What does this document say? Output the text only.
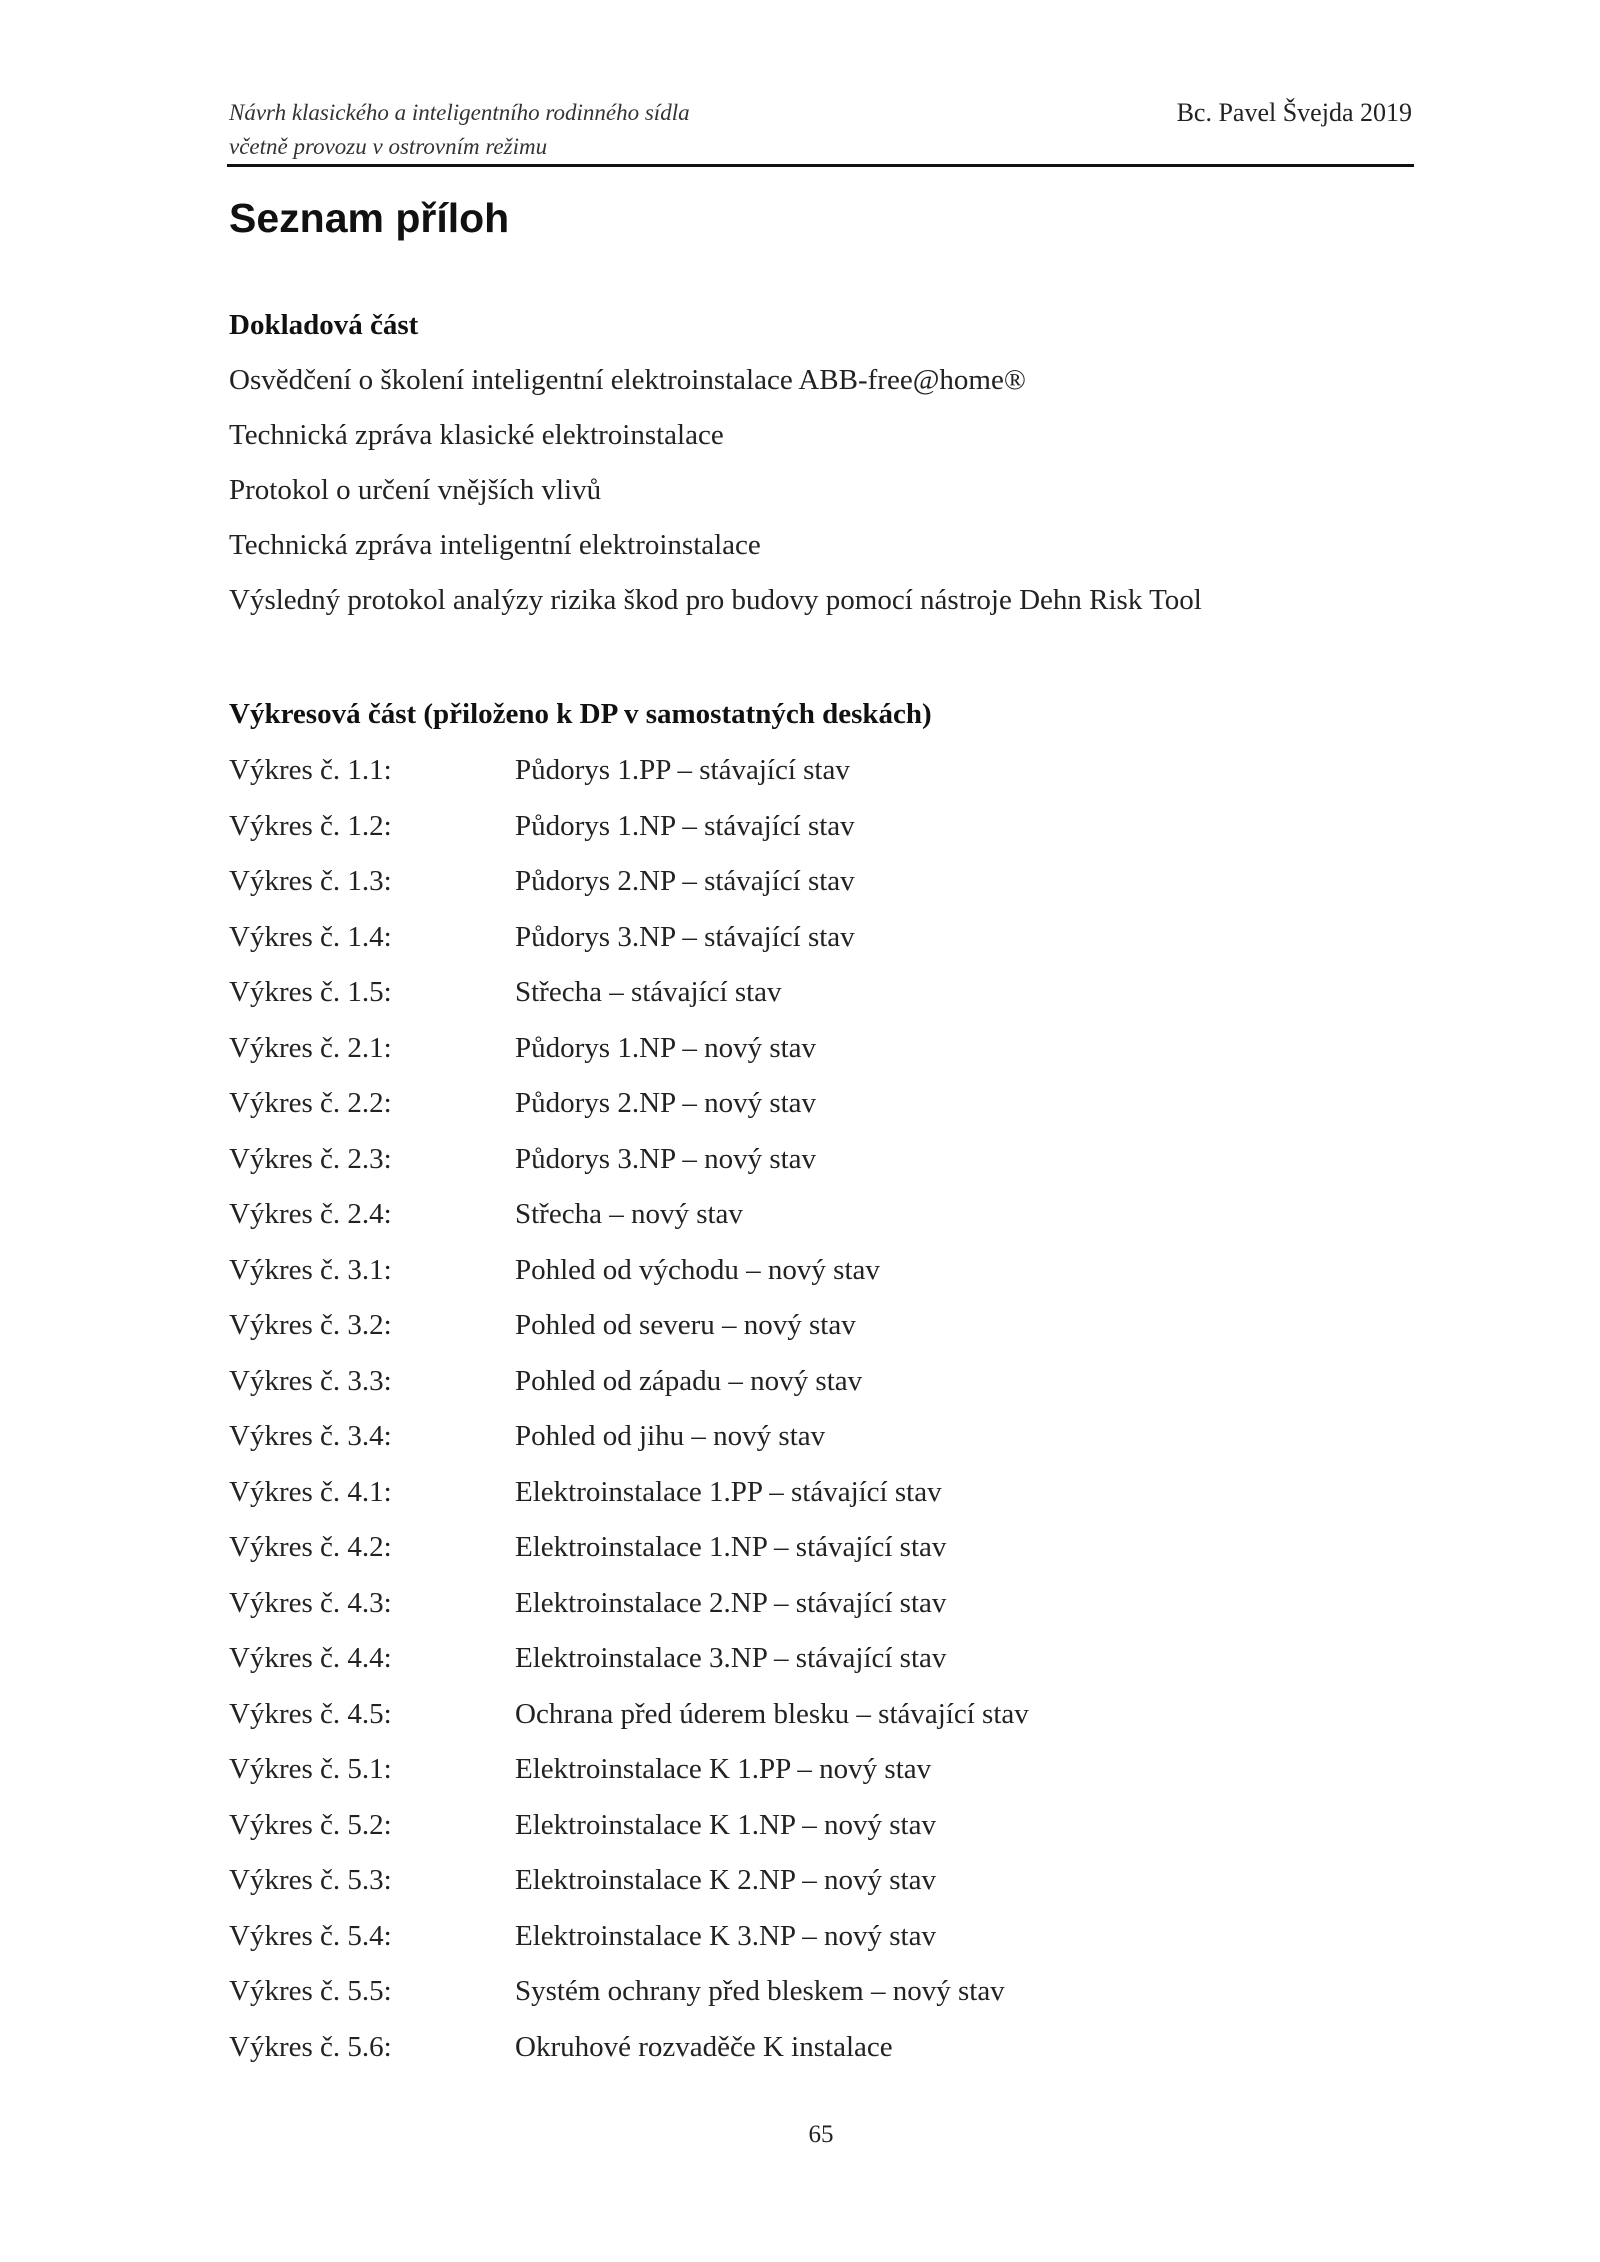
Návrh klasického a inteligentního rodinného sídla
včetně provozu v ostrovním režimu
Bc. Pavel Švejda 2019
Seznam příloh
Dokladová část
Osvědčení o školení inteligentní elektroinstalace ABB-free@home®
Technická zpráva klasické elektroinstalace
Protokol o určení vnějších vlivů
Technická zpráva inteligentní elektroinstalace
Výsledný protokol analýzy rizika škod pro budovy pomocí nástroje Dehn Risk Tool
Výkresová část (přiloženo k DP v samostatných deskách)
Výkres č. 1.1:	Půdorys 1.PP – stávající stav
Výkres č. 1.2:	Půdorys 1.NP – stávající stav
Výkres č. 1.3:	Půdorys 2.NP – stávající stav
Výkres č. 1.4:	Půdorys 3.NP – stávající stav
Výkres č. 1.5:	Střecha – stávající stav
Výkres č. 2.1:	Půdorys 1.NP – nový stav
Výkres č. 2.2:	Půdorys 2.NP – nový stav
Výkres č. 2.3:	Půdorys 3.NP – nový stav
Výkres č. 2.4:	Střecha – nový stav
Výkres č. 3.1:	Pohled od východu – nový stav
Výkres č. 3.2:	Pohled od severu – nový stav
Výkres č. 3.3:	Pohled od západu – nový stav
Výkres č. 3.4:	Pohled od jihu – nový stav
Výkres č. 4.1:	Elektroinstalace 1.PP – stávající stav
Výkres č. 4.2:	Elektroinstalace 1.NP – stávající stav
Výkres č. 4.3:	Elektroinstalace 2.NP – stávající stav
Výkres č. 4.4:	Elektroinstalace 3.NP – stávající stav
Výkres č. 4.5:	Ochrana před úderem blesku – stávající stav
Výkres č. 5.1:	Elektroinstalace K 1.PP – nový stav
Výkres č. 5.2:	Elektroinstalace K 1.NP – nový stav
Výkres č. 5.3:	Elektroinstalace K 2.NP – nový stav
Výkres č. 5.4:	Elektroinstalace K 3.NP – nový stav
Výkres č. 5.5:	Systém ochrany před bleskem – nový stav
Výkres č. 5.6:	Okruhové rozvaděče K instalace
65
